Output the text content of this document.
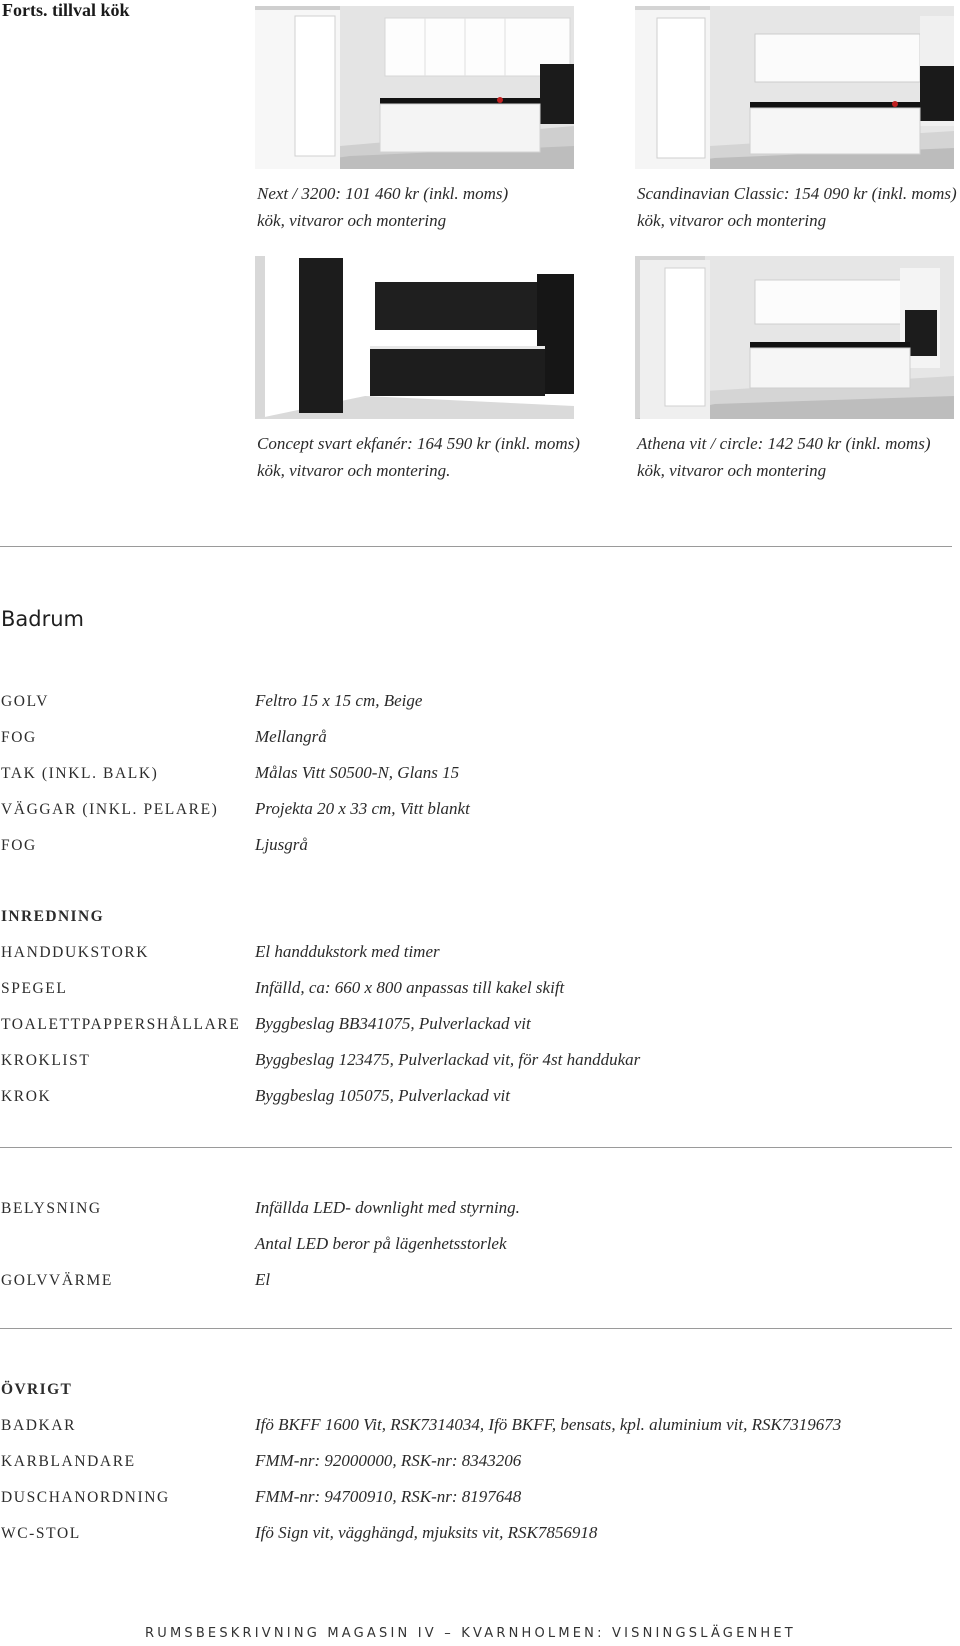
Forts. tillval kök
Next / 3200: 101 460 kr (inkl. moms)
kök, vitvaror och montering
Scandinavian Classic: 154 090 kr (inkl. moms)
kök, vitvaror och montering
Concept svart ekfanér: 164 590 kr (inkl. moms)
kök, vitvaror och montering.
Athena vit / circle: 142 540 kr (inkl. moms)
kök, vitvaror och montering
Badrum
GOLV	Feltro 15 x 15 cm, Beige
FOG	Mellangrå
TAK (INKL. BALK)	Målas Vitt S0500-N, Glans 15
VÄGGAR (INKL. PELARE) Projekta 20 x 33 cm, Vitt blankt
FOG	Ljusgrå
INREDNING
HANDDUKSTORK	El handdukstork med timer
SPEGEL	Infälld, ca: 660 x 800 anpassas till kakel skift
TOALETTPAPPERSHÅLLARE Byggbeslag BB341075, Pulverlackad vit
KROKLIST	Byggbeslag 123475, Pulverlackad vit, för 4st handdukar
KROK	Byggbeslag 105075, Pulverlackad vit
BELYSNING	Infällda LED- downlight med styrning.
Antal LED beror på lägenhetsstorlek
GOLVVÄRME	El
ÖVRIGT
BADKAR	Ifö BKFF 1600 Vit, RSK7314034, Ifö BKFF, bensats, kpl. aluminium vit, RSK7319673
KARBLANDARE	FMM-nr: 92000000, RSK-nr: 8343206
DUSCHANORDNING	FMM-nr: 94700910, RSK-nr: 8197648
WC-STOL	Ifö Sign vit, vägghängd, mjuksits vit, RSK7856918
RUMSBESKRIVNING MAGASIN IV – KVARNHOLMEN: VISNINGSLÄGENHET
